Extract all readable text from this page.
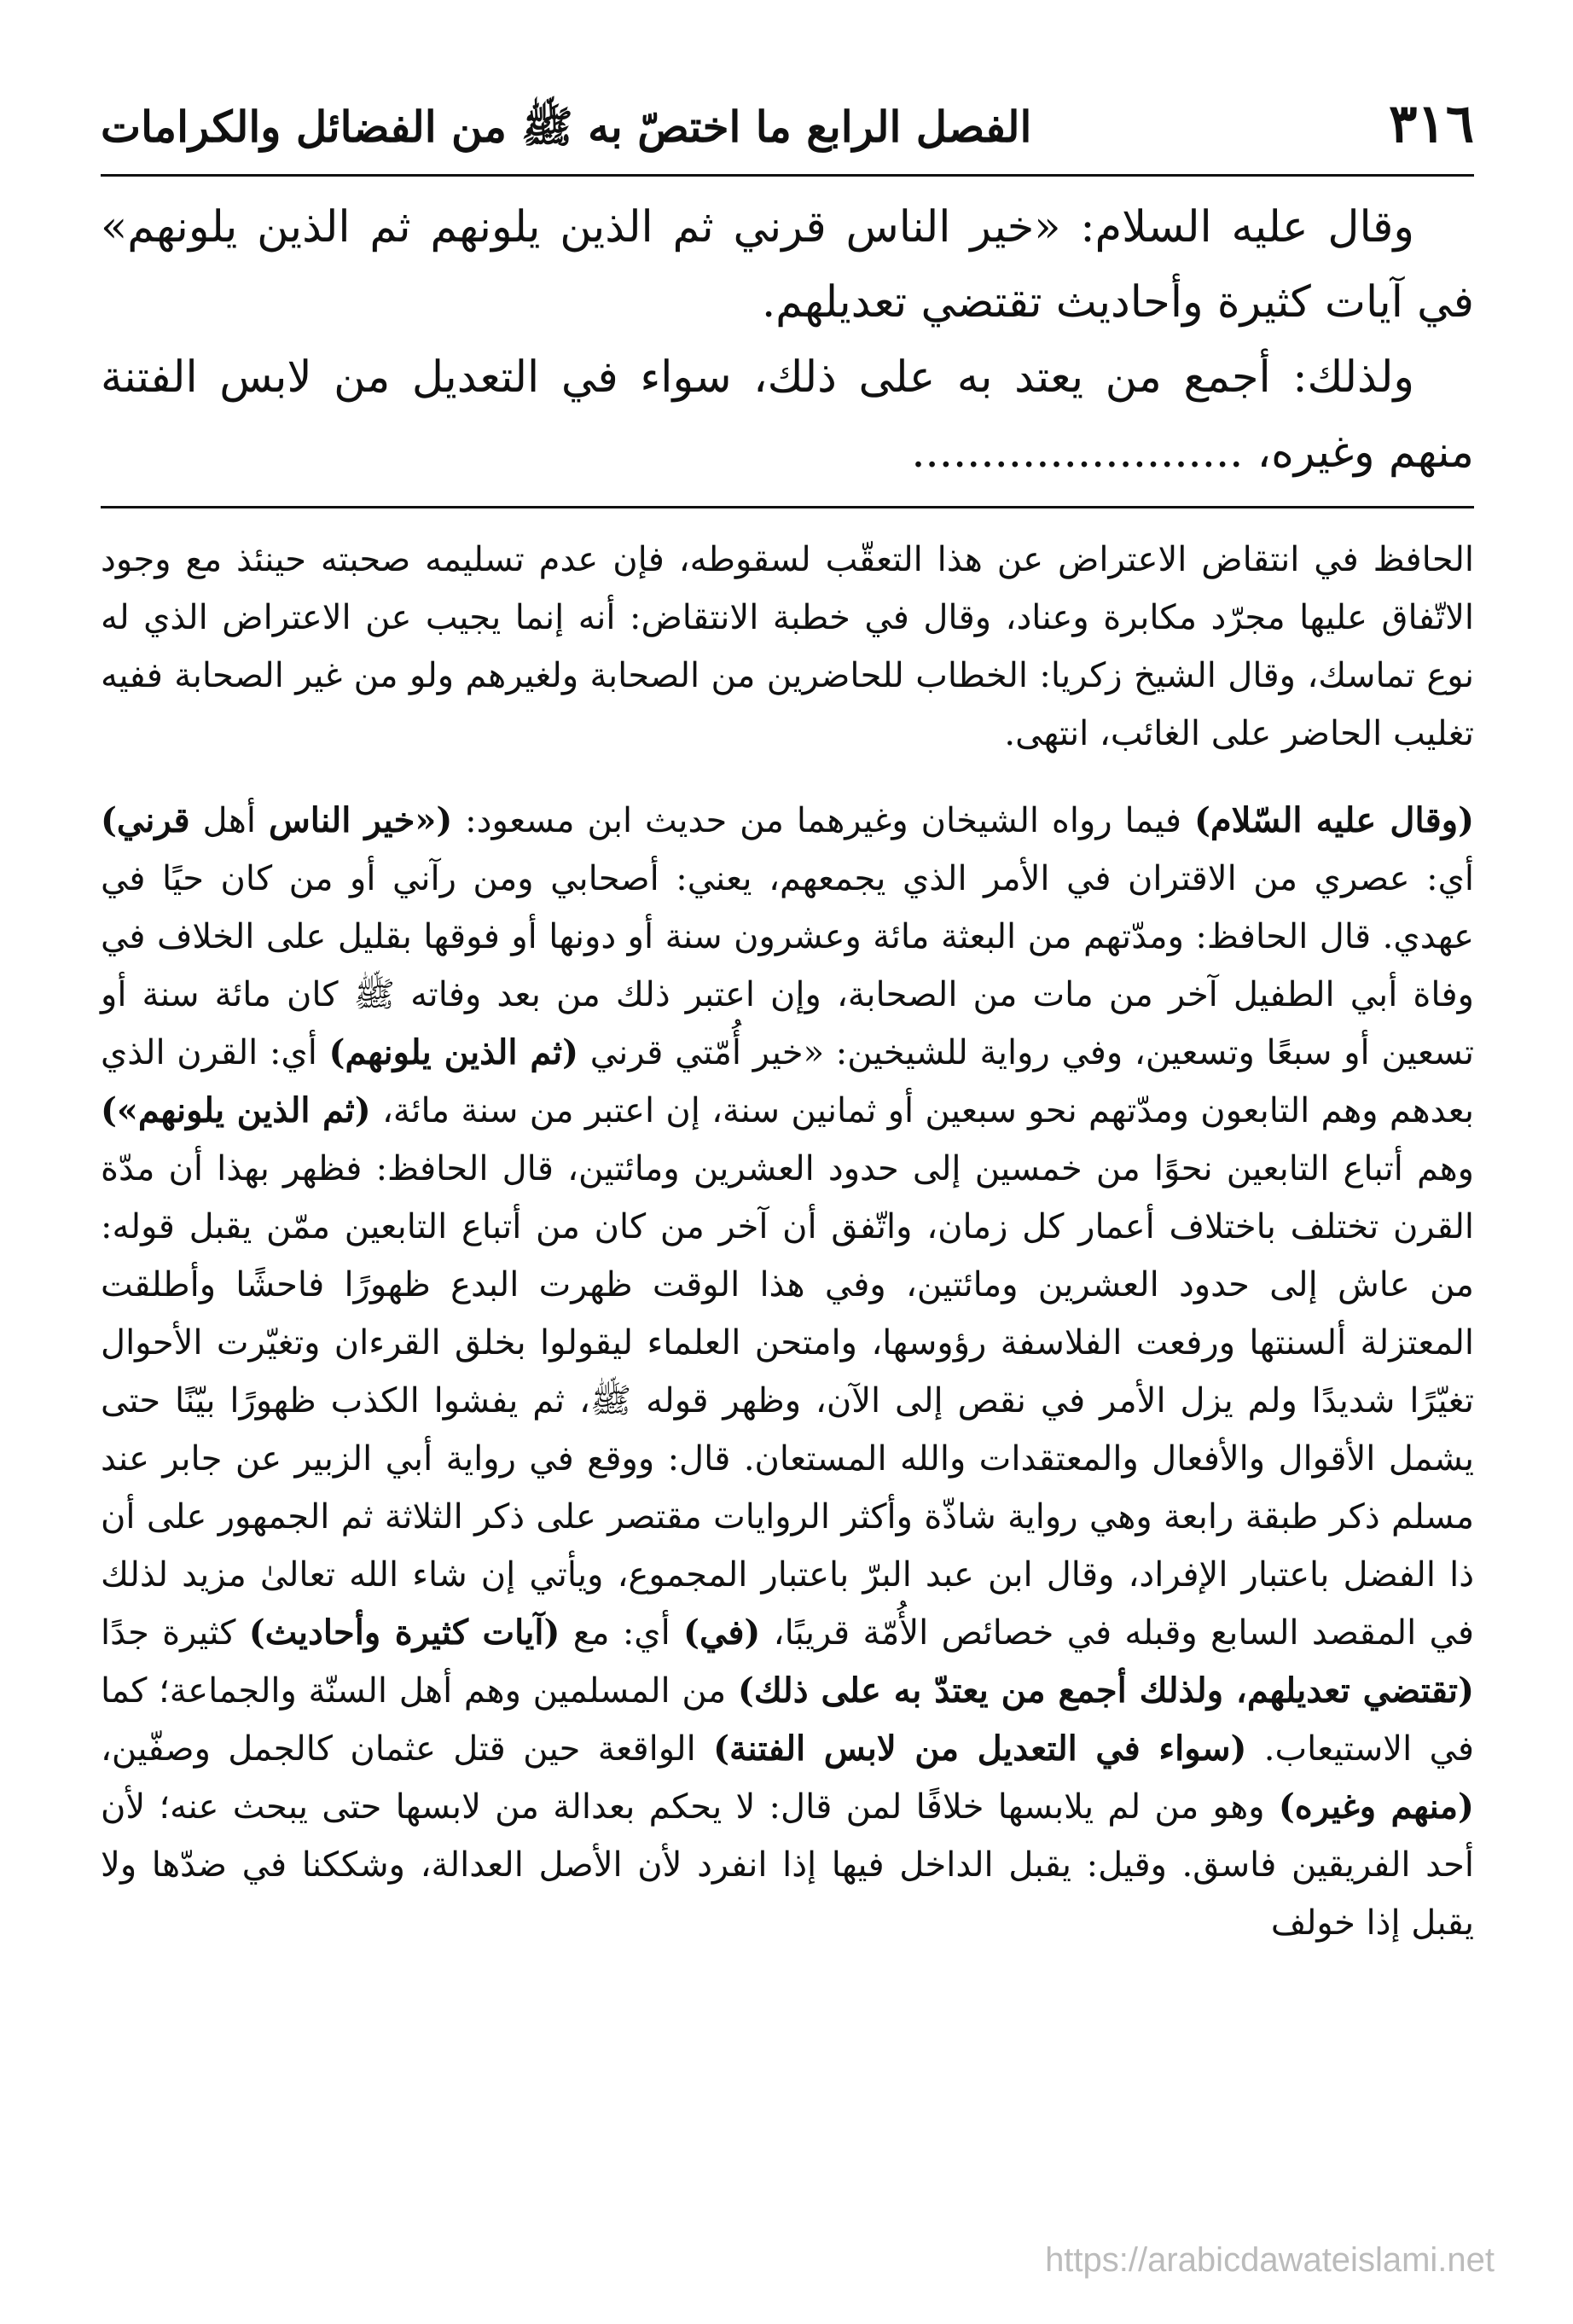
٣١٦
الفصل الرابع ما اختصّ به ﷺ من الفضائل والكرامات

وقال عليه السلام: «خير الناس قرني ثم الذين يلونهم ثم الذين يلونهم» في آيات كثيرة وأحاديث تقتضي تعديلهم.

ولذلك: أجمع من يعتد به على ذلك، سواء في التعديل من لابس الفتنة منهم وغيره، ........................

الحافظ في انتقاض الاعتراض عن هذا التعقّب لسقوطه، فإن عدم تسليمه صحبته حينئذ مع وجود الاتّفاق عليها مجرّد مكابرة وعناد، وقال في خطبة الانتقاض: أنه إنما يجيب عن الاعتراض الذي له نوع تماسك، وقال الشيخ زكريا: الخطاب للحاضرين من الصحابة ولغيرهم ولو من غير الصحابة ففيه تغليب الحاضر على الغائب، انتهى.

(وقال عليه السّلام) فيما رواه الشيخان وغيرهما من حديث ابن مسعود: («خير الناس أهل قرني) أي: عصري من الاقتران في الأمر الذي يجمعهم، يعني: أصحابي ومن رآني أو من كان حيًا في عهدي. قال الحافظ: ومدّتهم من البعثة مائة وعشرون سنة أو دونها أو فوقها بقليل على الخلاف في وفاة أبي الطفيل آخر من مات من الصحابة، وإن اعتبر ذلك من بعد وفاته ﷺ كان مائة سنة أو تسعين أو سبعًا وتسعين، وفي رواية للشيخين: «خير أُمّتي قرني (ثم الذين يلونهم) أي: القرن الذي بعدهم وهم التابعون ومدّتهم نحو سبعين أو ثمانين سنة، إن اعتبر من سنة مائة، (ثم الذين يلونهم») وهم أتباع التابعين نحوًا من خمسين إلى حدود العشرين ومائتين، قال الحافظ: فظهر بهذا أن مدّة القرن تختلف باختلاف أعمار كل زمان، واتّفق أن آخر من كان من أتباع التابعين ممّن يقبل قوله: من عاش إلى حدود العشرين ومائتين، وفي هذا الوقت ظهرت البدع ظهورًا فاحشًا وأطلقت المعتزلة ألسنتها ورفعت الفلاسفة رؤوسها، وامتحن العلماء ليقولوا بخلق القرءان وتغيّرت الأحوال تغيّرًا شديدًا ولم يزل الأمر في نقص إلى الآن، وظهر قوله ﷺ، ثم يفشوا الكذب ظهورًا بيّنًا حتى يشمل الأقوال والأفعال والمعتقدات والله المستعان. قال: ووقع في رواية أبي الزبير عن جابر عند مسلم ذكر طبقة رابعة وهي رواية شاذّة وأكثر الروايات مقتصر على ذكر الثلاثة ثم الجمهور على أن ذا الفضل باعتبار الإفراد، وقال ابن عبد البرّ باعتبار المجموع، ويأتي إن شاء الله تعالىٰ مزيد لذلك في المقصد السابع وقبله في خصائص الأُمّة قريبًا، (في) أي: مع (آيات كثيرة وأحاديث) كثيرة جدًا (تقتضي تعديلهم، ولذلك أجمع من يعتدّ به على ذلك) من المسلمين وهم أهل السنّة والجماعة؛ كما في الاستيعاب. (سواء في التعديل من لابس الفتنة) الواقعة حين قتل عثمان كالجمل وصفّين، (منهم وغيره) وهو من لم يلابسها خلافًا لمن قال: لا يحكم بعدالة من لابسها حتى يبحث عنه؛ لأن أحد الفريقين فاسق. وقيل: يقبل الداخل فيها إذا انفرد لأن الأصل العدالة، وشككنا في ضدّها ولا يقبل إذا خولف

https://arabicdawateislami.net
